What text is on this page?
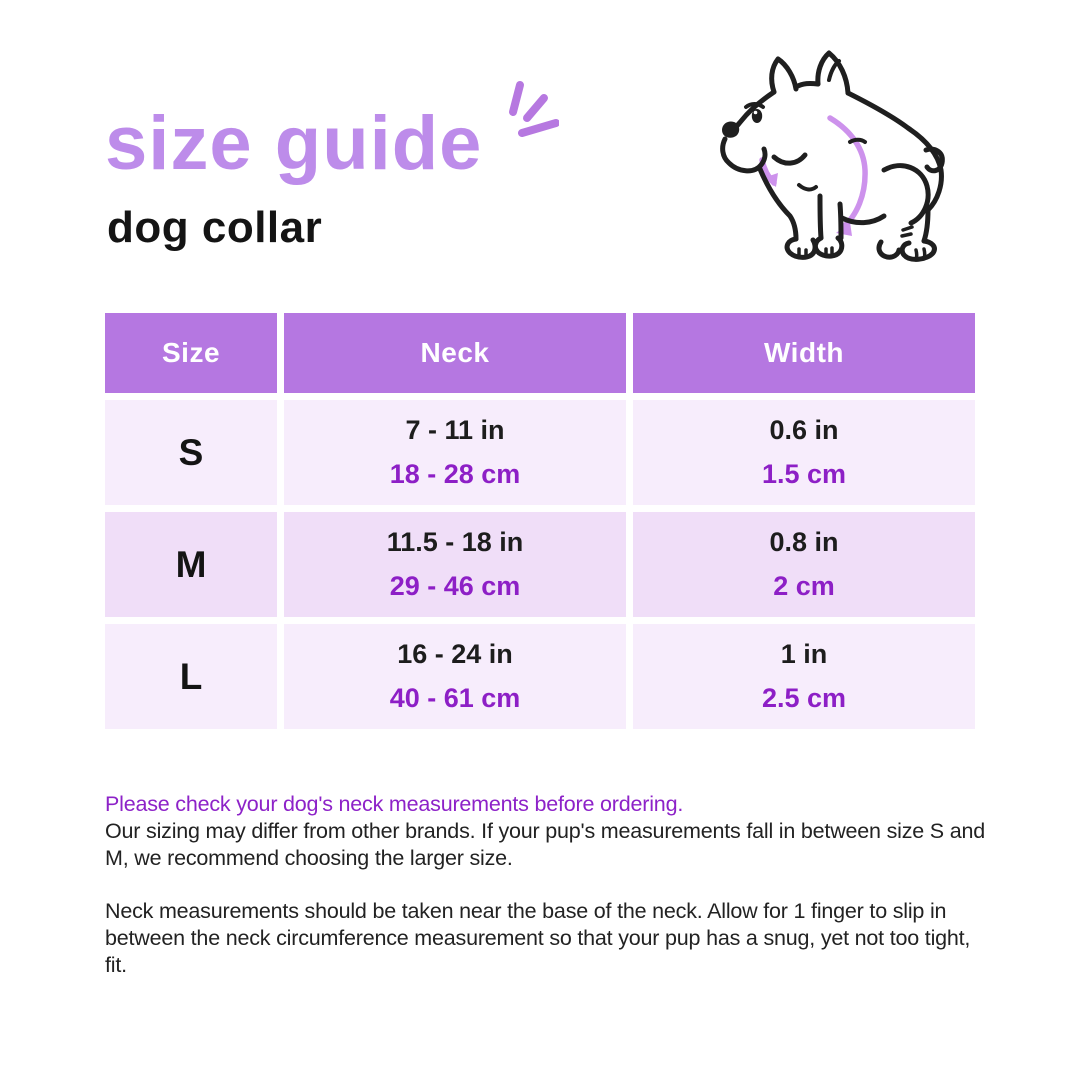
size guide
dog collar
Size	Neck	Width
S
7 - 11 in
18 - 28 cm
0.6 in
1.5 cm
M
11.5 - 18 in
29 - 46 cm
0.8 in
2 cm
L
16 - 24 in
40 - 61 cm
1 in
2.5 cm

Please check your dog's neck measurements before ordering.

Our sizing may differ from other brands. If your pup's measurements fall in between size S and M, we recommend choosing the larger size.

Neck measurements should be taken near the base of the neck. Allow for 1 finger to slip in between the neck circumference measurement so that your pup has a snug, yet not too tight, fit.
